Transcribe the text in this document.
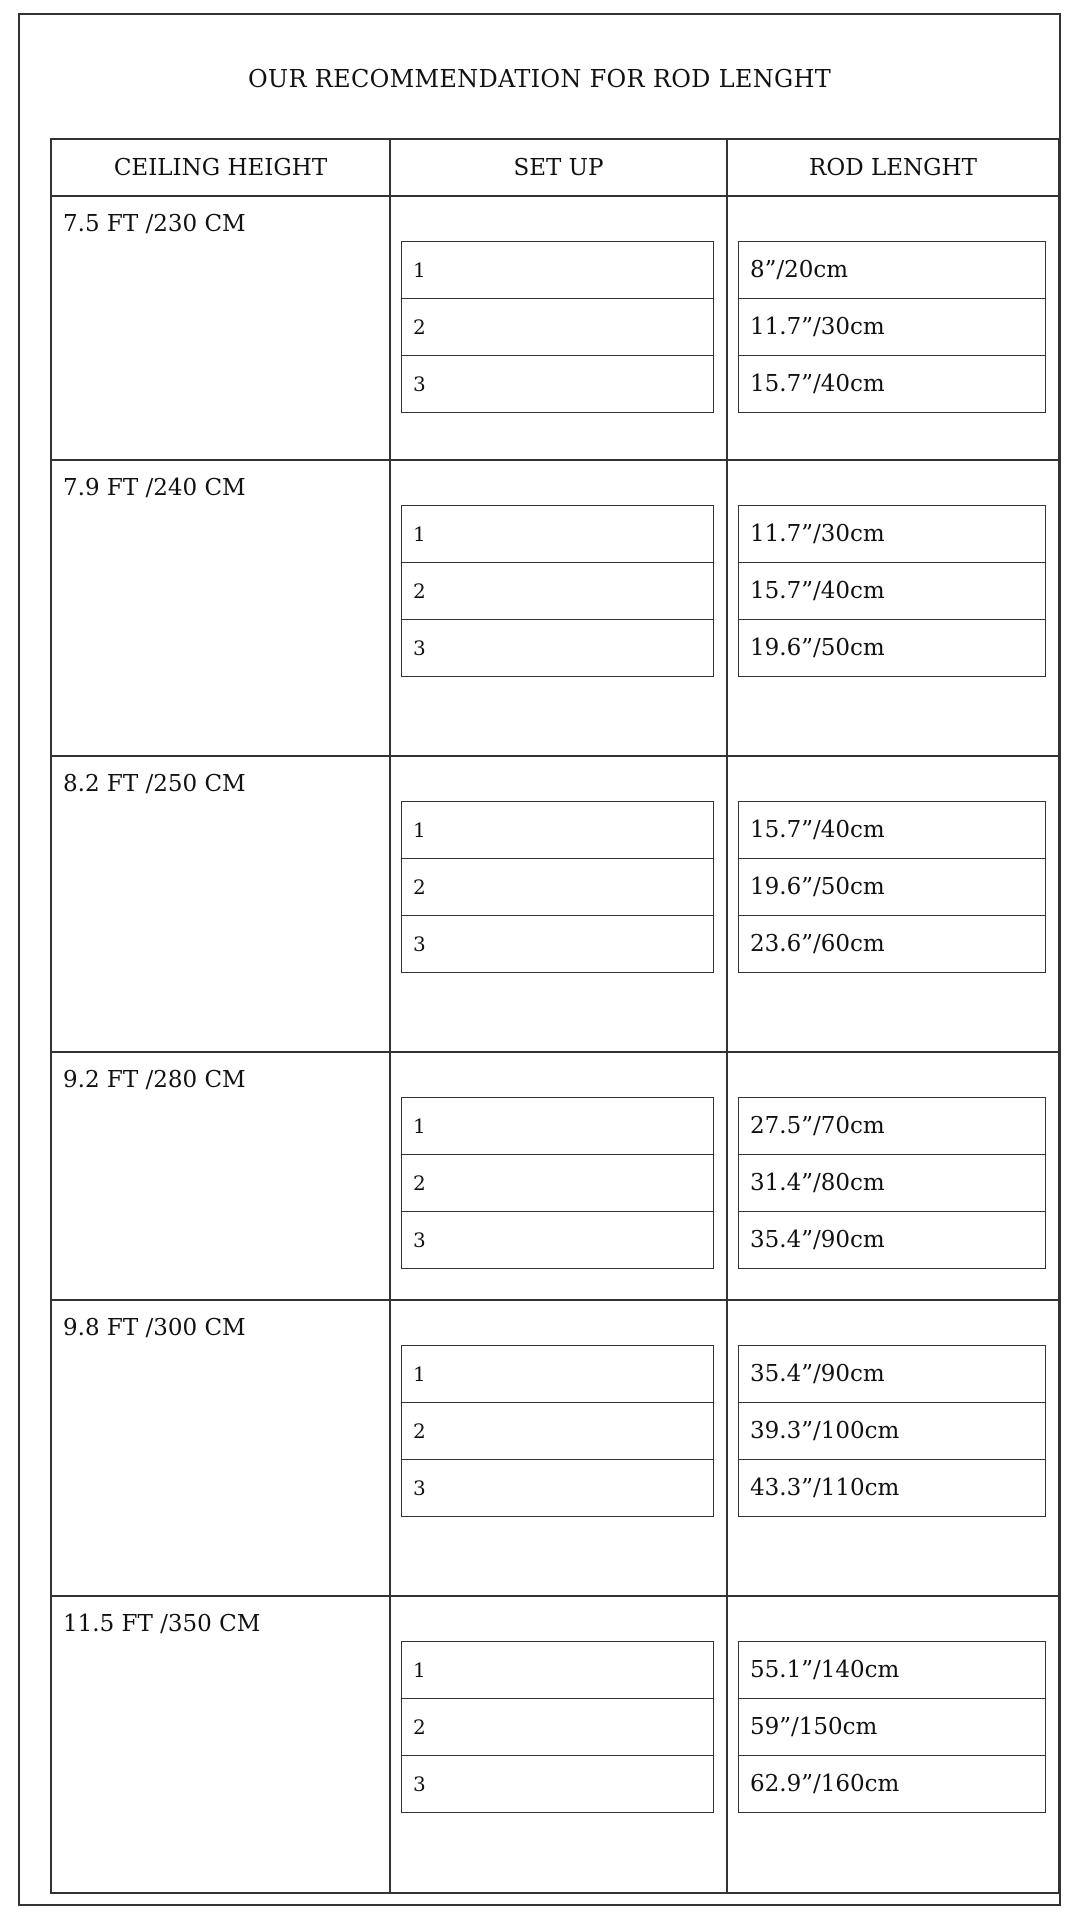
OUR RECOMMENDATION FOR ROD LENGHT
CEILING HEIGHT	SET UP	ROD LENGHT
7.5 FT /230 CM
1
2
3
8”/20cm
11.7”/30cm
15.7”/40cm
7.9 FT /240 CM
1
2
3
11.7”/30cm
15.7”/40cm
19.6”/50cm
8.2 FT /250 CM
1
2
3
15.7”/40cm
19.6”/50cm
23.6”/60cm
9.2 FT /280 CM
1
2
3
27.5”/70cm
31.4”/80cm
35.4”/90cm
9.8 FT /300 CM
1
2
3
35.4”/90cm
39.3”/100cm
43.3”/110cm
11.5 FT /350 CM
1
2
3
55.1”/140cm
59”/150cm
62.9”/160cm
